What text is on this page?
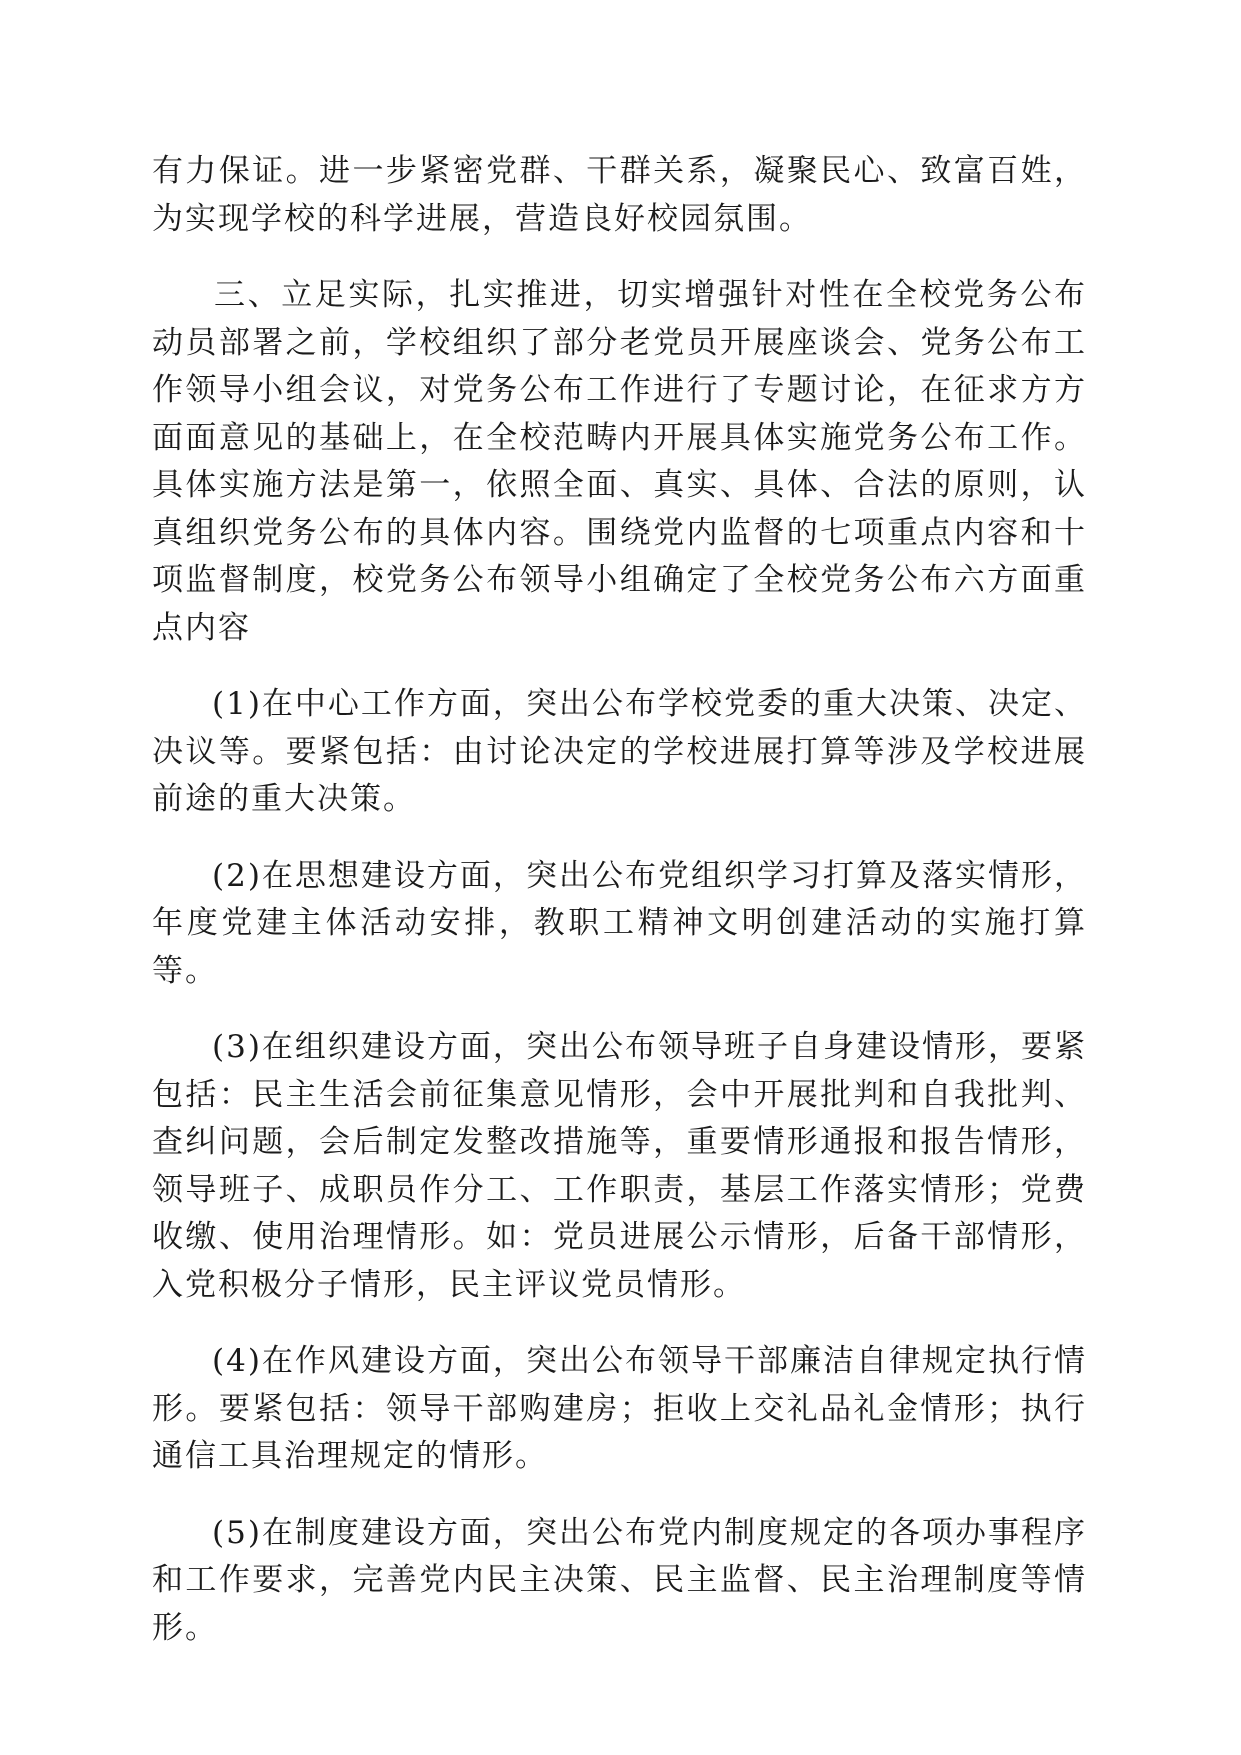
有力保证。进一步紧密党群、干群关系，凝聚民心、致富百姓，为实现学校的科学进展，营造良好校园氛围。

三、立足实际，扎实推进，切实增强针对性在全校党务公布动员部署之前，学校组织了部分老党员开展座谈会、党务公布工作领导小组会议，对党务公布工作进行了专题讨论，在征求方方面面意见的基础上，在全校范畴内开展具体实施党务公布工作。具体实施方法是第一，依照全面、真实、具体、合法的原则，认真组织党务公布的具体内容。围绕党内监督的七项重点内容和十项监督制度，校党务公布领导小组确定了全校党务公布六方面重点内容

(1)在中心工作方面，突出公布学校党委的重大决策、决定、决议等。要紧包括：由讨论决定的学校进展打算等涉及学校进展前途的重大决策。

(2)在思想建设方面，突出公布党组织学习打算及落实情形，年度党建主体活动安排，教职工精神文明创建活动的实施打算等。

(3)在组织建设方面，突出公布领导班子自身建设情形，要紧包括：民主生活会前征集意见情形，会中开展批判和自我批判、查纠问题，会后制定发整改措施等，重要情形通报和报告情形，领导班子、成职员作分工、工作职责，基层工作落实情形；党费收缴、使用治理情形。如：党员进展公示情形，后备干部情形，入党积极分子情形，民主评议党员情形。

(4)在作风建设方面，突出公布领导干部廉洁自律规定执行情形。要紧包括：领导干部购建房；拒收上交礼品礼金情形；执行通信工具治理规定的情形。

(5)在制度建设方面，突出公布党内制度规定的各项办事程序和工作要求，完善党内民主决策、民主监督、民主治理制度等情形。
